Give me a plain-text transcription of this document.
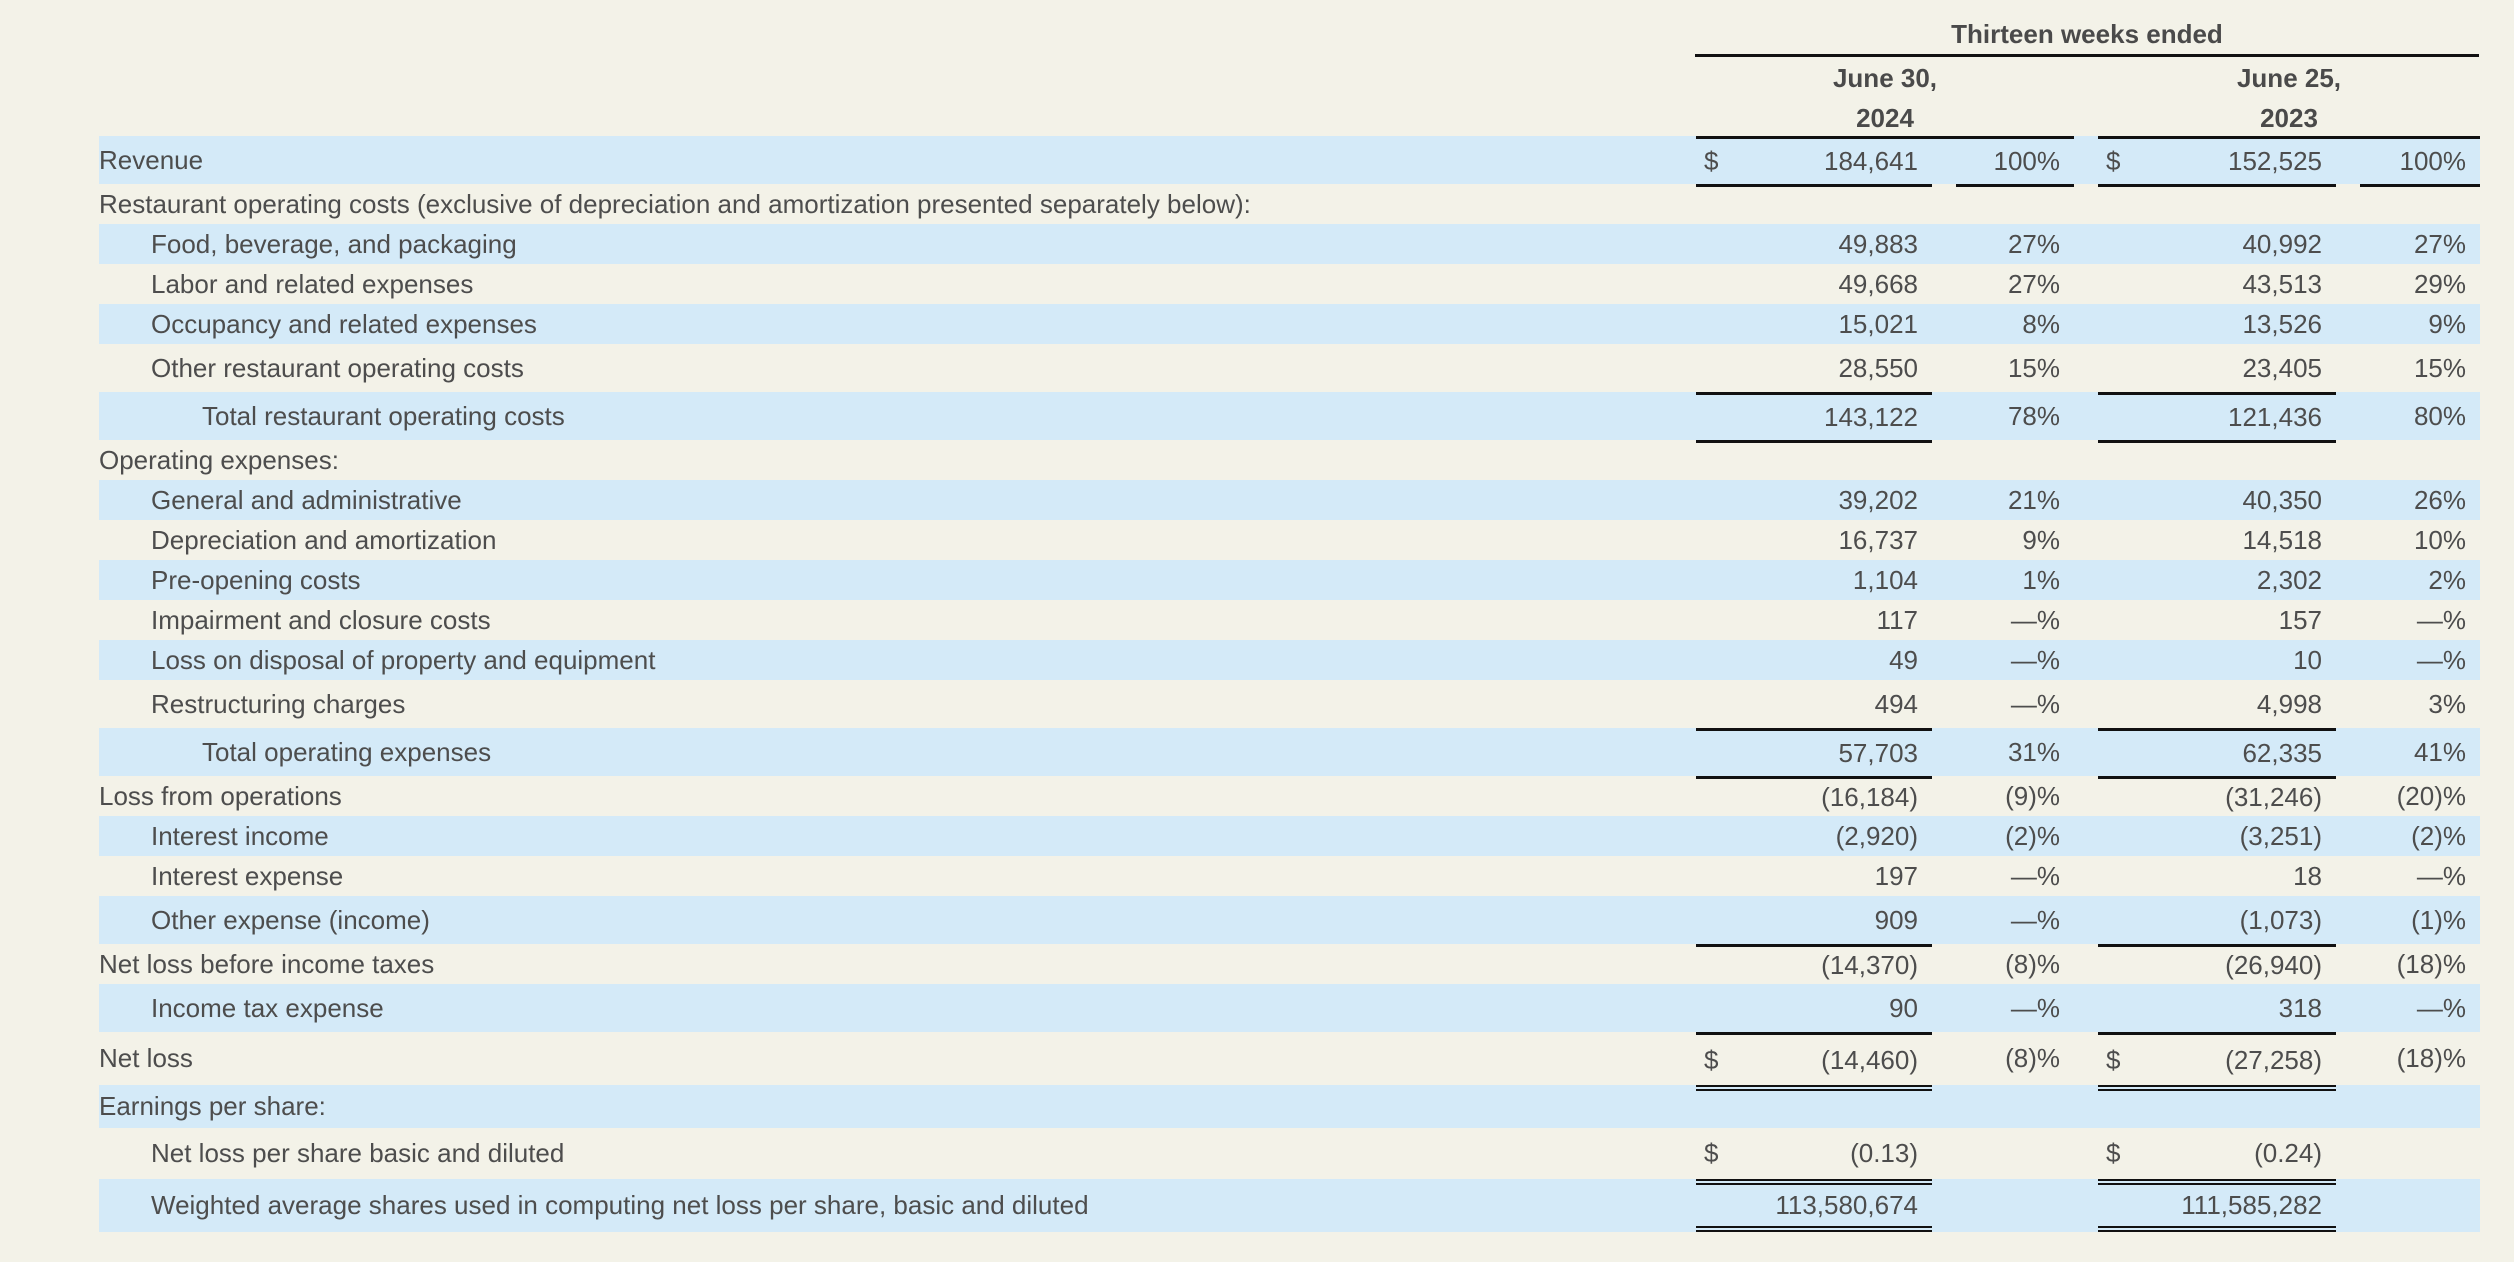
Thirteen weeks ended
June 30,
2024
June 25,
2023
Revenue	$	184,641	100%	$	152,525	100%
Restaurant operating costs (exclusive of depreciation and amortization presented separately below):
Food, beverage, and packaging	49,883	27%	40,992	27%
Labor and related expenses	49,668	27%	43,513	29%
Occupancy and related expenses	15,021	8%	13,526	9%
Other restaurant operating costs	28,550	15%	23,405	15%
Total restaurant operating costs	143,122	78%	121,436	80%
Operating expenses:
General and administrative	39,202	21%	40,350	26%
Depreciation and amortization	16,737	9%	14,518	10%
Pre-opening costs	1,104	1%	2,302	2%
Impairment and closure costs	117	—%	157	—%
Loss on disposal of property and equipment	49	—%	10	—%
Restructuring charges	494	—%	4,998	3%
Total operating expenses	57,703	31%	62,335	41%
Loss from operations	(16,184)	(9)%	(31,246)	(20)%
Interest income	(2,920)	(2)%	(3,251)	(2)%
Interest expense	197	—%	18	—%
Other expense (income)	909	—%	(1,073)	(1)%
Net loss before income taxes	(14,370)	(8)%	(26,940)	(18)%
Income tax expense	90	—%	318	—%
Net loss	$	(14,460)	(8)%	$	(27,258)	(18)%
Earnings per share:
Net loss per share basic and diluted	$	(0.13)	$	(0.24)
Weighted average shares used in computing net loss per share, basic and diluted	113,580,674	111,585,282
